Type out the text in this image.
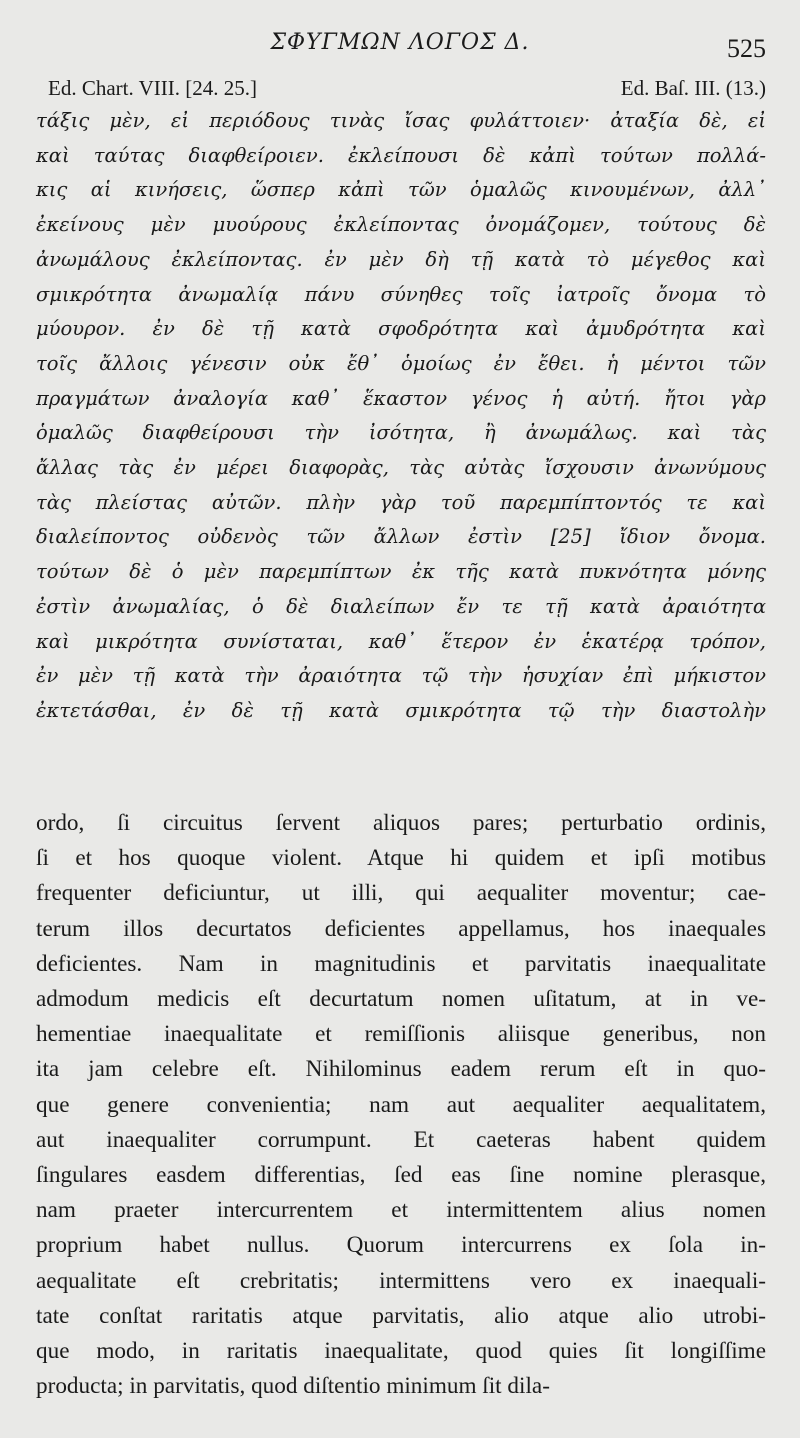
ΣΦΥΓΜΩΝ ΛΟΓΟΣ Δ.	525
Ed. Chart. VIII. [24. 25.]	Ed. Baſ. III. (13.)
τάξις μὲν, εἰ περιόδους τινὰς ἴσας φυλάττοιεν· ἀταξία δὲ, εἰ
καὶ ταύτας διαφθείροιεν. ἐκλείπουσι δὲ κἀπὶ τούτων πολλά-
κις αἱ κινήσεις, ὥσπερ κἀπὶ τῶν ὁμαλῶς κινουμένων, ἀλλ᾽
ἐκείνους μὲν μυούρους ἐκλείποντας ὀνομάζομεν, τούτους δὲ
ἀνωμάλους ἐκλείποντας. ἐν μὲν δὴ τῇ κατὰ τὸ μέγεθος καὶ
σμικρότητα ἀνωμαλίᾳ πάνυ σύνηθες τοῖς ἰατροῖς ὄνομα τὸ
μύουρον. ἐν δὲ τῇ κατὰ σφοδρότητα καὶ ἀμυδρότητα καὶ
τοῖς ἄλλοις γένεσιν οὐκ ἔθ᾽ ὁμοίως ἐν ἔθει. ἡ μέντοι τῶν
πραγμάτων ἀναλογία καθ᾽ ἕκαστον γένος ἡ αὐτή. ἤτοι γὰρ
ὁμαλῶς διαφθείρουσι τὴν ἰσότητα, ἢ ἀνωμάλως. καὶ τὰς
ἄλλας τὰς ἐν μέρει διαφορὰς, τὰς αὐτὰς ἴσχουσιν ἀνωνύμους
τὰς πλείστας αὐτῶν. πλὴν γὰρ τοῦ παρεμπίπτοντός τε καὶ
διαλείποντος οὐδενὸς τῶν ἄλλων ἐστὶν [25] ἴδιον ὄνομα.
τούτων δὲ ὁ μὲν παρεμπίπτων ἐκ τῆς κατὰ πυκνότητα μόνης
ἐστὶν ἀνωμαλίας, ὁ δὲ διαλείπων ἔν τε τῇ κατὰ ἀραιότητα
καὶ μικρότητα συνίσταται, καθ᾽ ἕτερον ἐν ἑκατέρᾳ τρόπον,
ἐν μὲν τῇ κατὰ τὴν ἀραιότητα τῷ τὴν ἡσυχίαν ἐπὶ μήκιστον
ἐκτετάσθαι, ἐν δὲ τῇ κατὰ σμικρότητα τῷ τὴν διαστολὴν
ordo, ſi circuitus ſervent aliquos pares; perturbatio ordinis,
ſi et hos quoque violent. Atque hi quidem et ipſi motibus
frequenter deficiuntur, ut illi, qui aequaliter moventur; cae-
terum illos decurtatos deficientes appellamus, hos inaequales
deficientes. Nam in magnitudinis et parvitatis inaequalitate
admodum medicis eſt decurtatum nomen uſitatum, at in ve-
hementiae inaequalitate et remiſſionis aliisque generibus, non
ita jam celebre eſt. Nihilominus eadem rerum eſt in quo-
que genere convenientia; nam aut aequaliter aequalitatem,
aut inaequaliter corrumpunt. Et caeteras habent quidem
ſingulares easdem differentias, ſed eas ſine nomine plerasque,
nam praeter intercurrentem et intermittentem alius nomen
proprium habet nullus. Quorum intercurrens ex ſola in-
aequalitate eſt crebritatis; intermittens vero ex inaequali-
tate conſtat raritatis atque parvitatis, alio atque alio utrobi-
que modo, in raritatis inaequalitate, quod quies ſit longiſſime
producta; in parvitatis, quod diſtentio minimum ſit dila-
